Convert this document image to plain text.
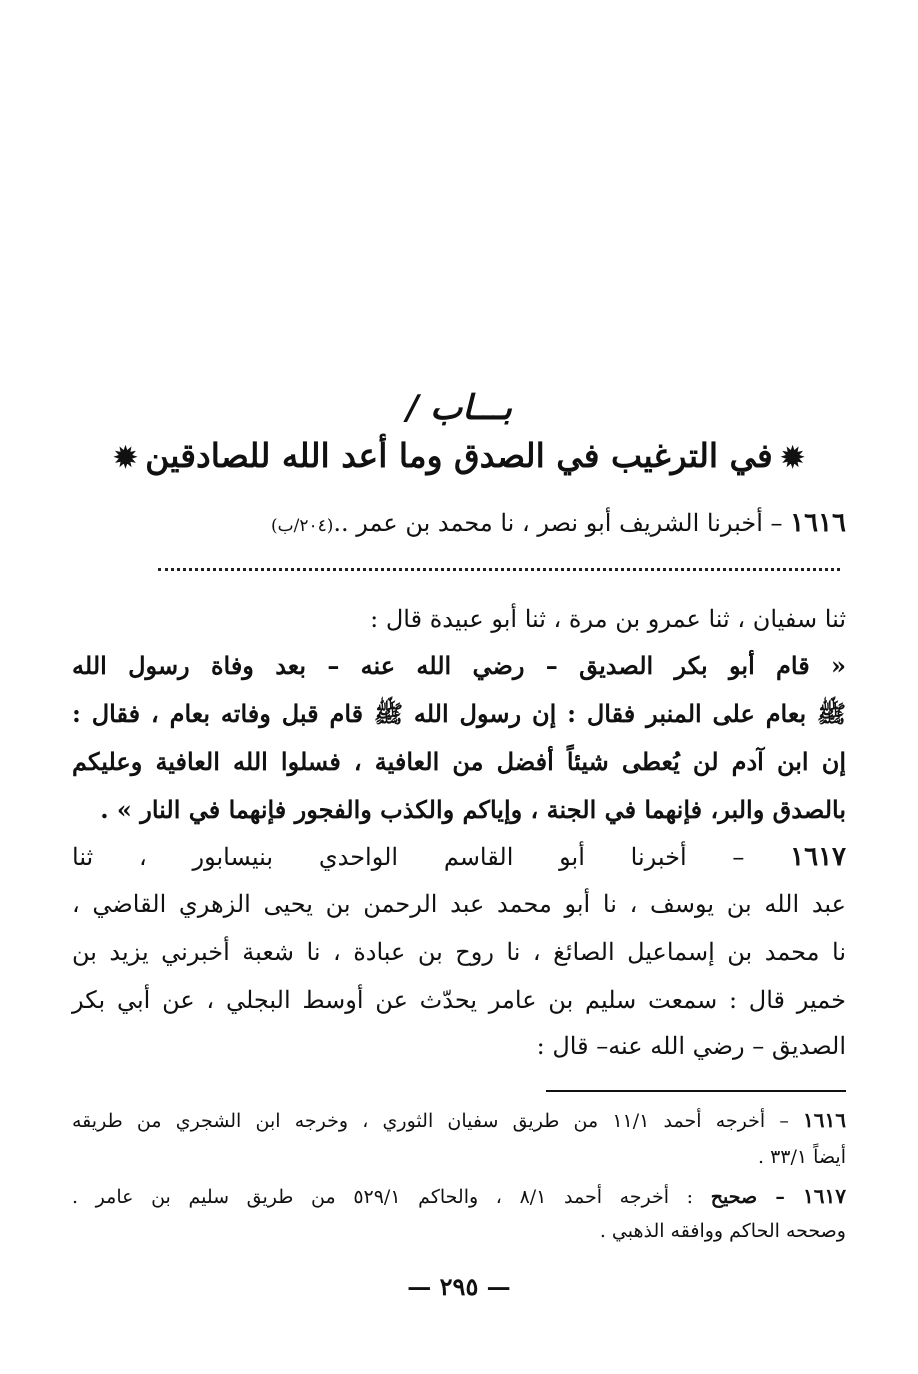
بـــاب /
✹في الترغيب في الصدق وما أعد الله للصادقين✹
١٦١٦ – أخبرنا الشريف أبو نصر ، نا محمد بن عمر ..(٢٠٤/ب)
ثنا سفيان ، ثنا عمرو بن مرة ، ثنا أبو عبيدة قال :
« قام أبو بكر الصديق – رضي الله عنه – بعد وفاة رسول الله
ﷺ بعام على المنبر فقال : إن رسول الله ﷺ قام قبل وفاته بعام ، فقال :
إن ابن آدم لن يُعطى شيئاً أفضل من العافية ، فسلوا الله العافية وعليكم
بالصدق والبر، فإنهما في الجنة ، وإياكم والكذب والفجور فإنهما في النار » .
١٦١٧ – أخبرنا أبو القاسم الواحدي بنيسابور ، ثنا
عبد الله بن يوسف ، نا أبو محمد عبد الرحمن بن يحيى الزهري القاضي ،
نا محمد بن إسماعيل الصائغ ، نا روح بن عبادة ، نا شعبة أخبرني يزيد بن
خمير قال : سمعت سليم بن عامر يحدّث عن أوسط البجلي ، عن أبي بكر
الصديق – رضي الله عنه– قال :
١٦١٦ – أخرجه أحمد ١١/١ من طريق سفيان الثوري ، وخرجه ابن الشجري من طريقه
أيضاً ٣٣/١ .
١٦١٧ – صحيح : أخرجه أحمد ٨/١ ، والحاكم ٥٢٩/١ من طريق سليم بن عامر .
وصححه الحاكم ووافقه الذهبي .
— ٢٩٥ —
